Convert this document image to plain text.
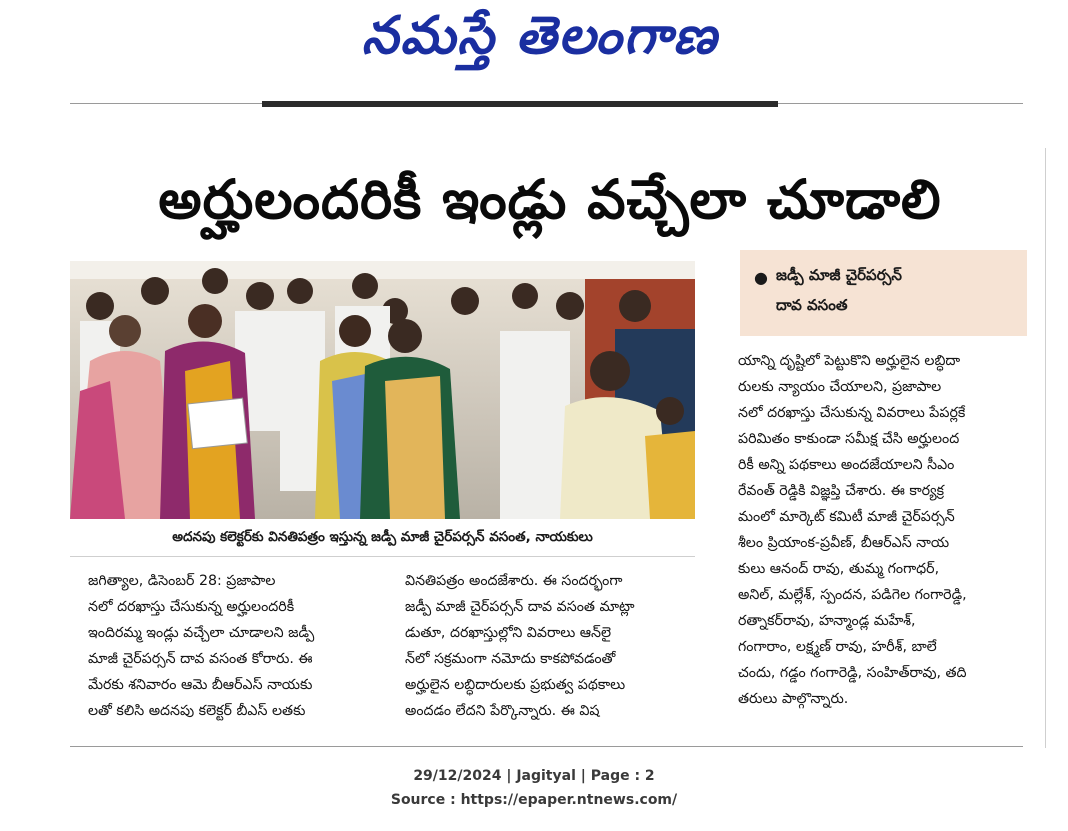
నమస్తే తెలంగాణ
అర్హులందరికీ ఇండ్లు వచ్చేలా చూడాలి
అదనపు కలెక్టర్‌కు వినతిపత్రం ఇస్తున్న జడ్పీ మాజీ చైర్‌పర్సన్ వసంత, నాయకులు
● జడ్పీ మాజీ చైర్‌పర్సన్
దావ వసంత

జగిత్యాల, డిసెంబర్ 28: ప్రజాపాల

నలో దరఖాస్తు చేసుకున్న అర్హులందరికీ

ఇందిరమ్మ ఇండ్లు వచ్చేలా చూడాలని జడ్పీ

మాజీ చైర్‌పర్సన్ దావ వసంత కోరారు. ఈ

మేరకు శనివారం ఆమె బీఆర్‌ఎస్ నాయకు

లతో కలిసి అదనపు కలెక్టర్ బీఎస్ లతకు

వినతిపత్రం అందజేశారు. ఈ సందర్భంగా

జడ్పీ మాజీ చైర్‌పర్సన్ దావ వసంత మాట్లా

డుతూ, దరఖాస్తుల్లోని వివరాలు ఆన్‌లై

న్‌లో సక్రమంగా నమోదు కాకపోవడంతో

అర్హులైన లబ్ధిదారులకు ప్రభుత్వ పథకాలు

అందడం లేదని పేర్కొన్నారు. ఈ విష

యాన్ని దృష్టిలో పెట్టుకొని అర్హులైన లబ్ధిదా

రులకు న్యాయం చేయాలని, ప్రజాపాల

నలో దరఖాస్తు చేసుకున్న వివరాలు పేపర్లకే

పరిమితం కాకుండా సమీక్ష చేసి అర్హులంద

రికీ అన్ని పథకాలు అందజేయాలని సీఎం

రేవంత్ రెడ్డికి విజ్ఞప్తి చేశారు. ఈ కార్యక్ర

మంలో మార్కెట్ కమిటీ మాజీ చైర్‌పర్సన్

శీలం ప్రియాంక-ప్రవీణ్, బీఆర్‌ఎస్ నాయ

కులు ఆనంద్ రావు, తుమ్మ గంగాధర్,

అనిల్, మల్లేశ్, స్పందన, పడిగెల గంగారెడ్డి,

రత్నాకర్‌రావు, హన్మాండ్ల మహేశ్,

గంగారాం, లక్ష్మణ్ రావు, హరీశ్, బాలే

చందు, గడ్డం గంగారెడ్డి, సంహిత్‌రావు, తది

తరులు పాల్గొన్నారు.

29/12/2024 | Jagityal | Page : 2
Source : https://epaper.ntnews.com/
